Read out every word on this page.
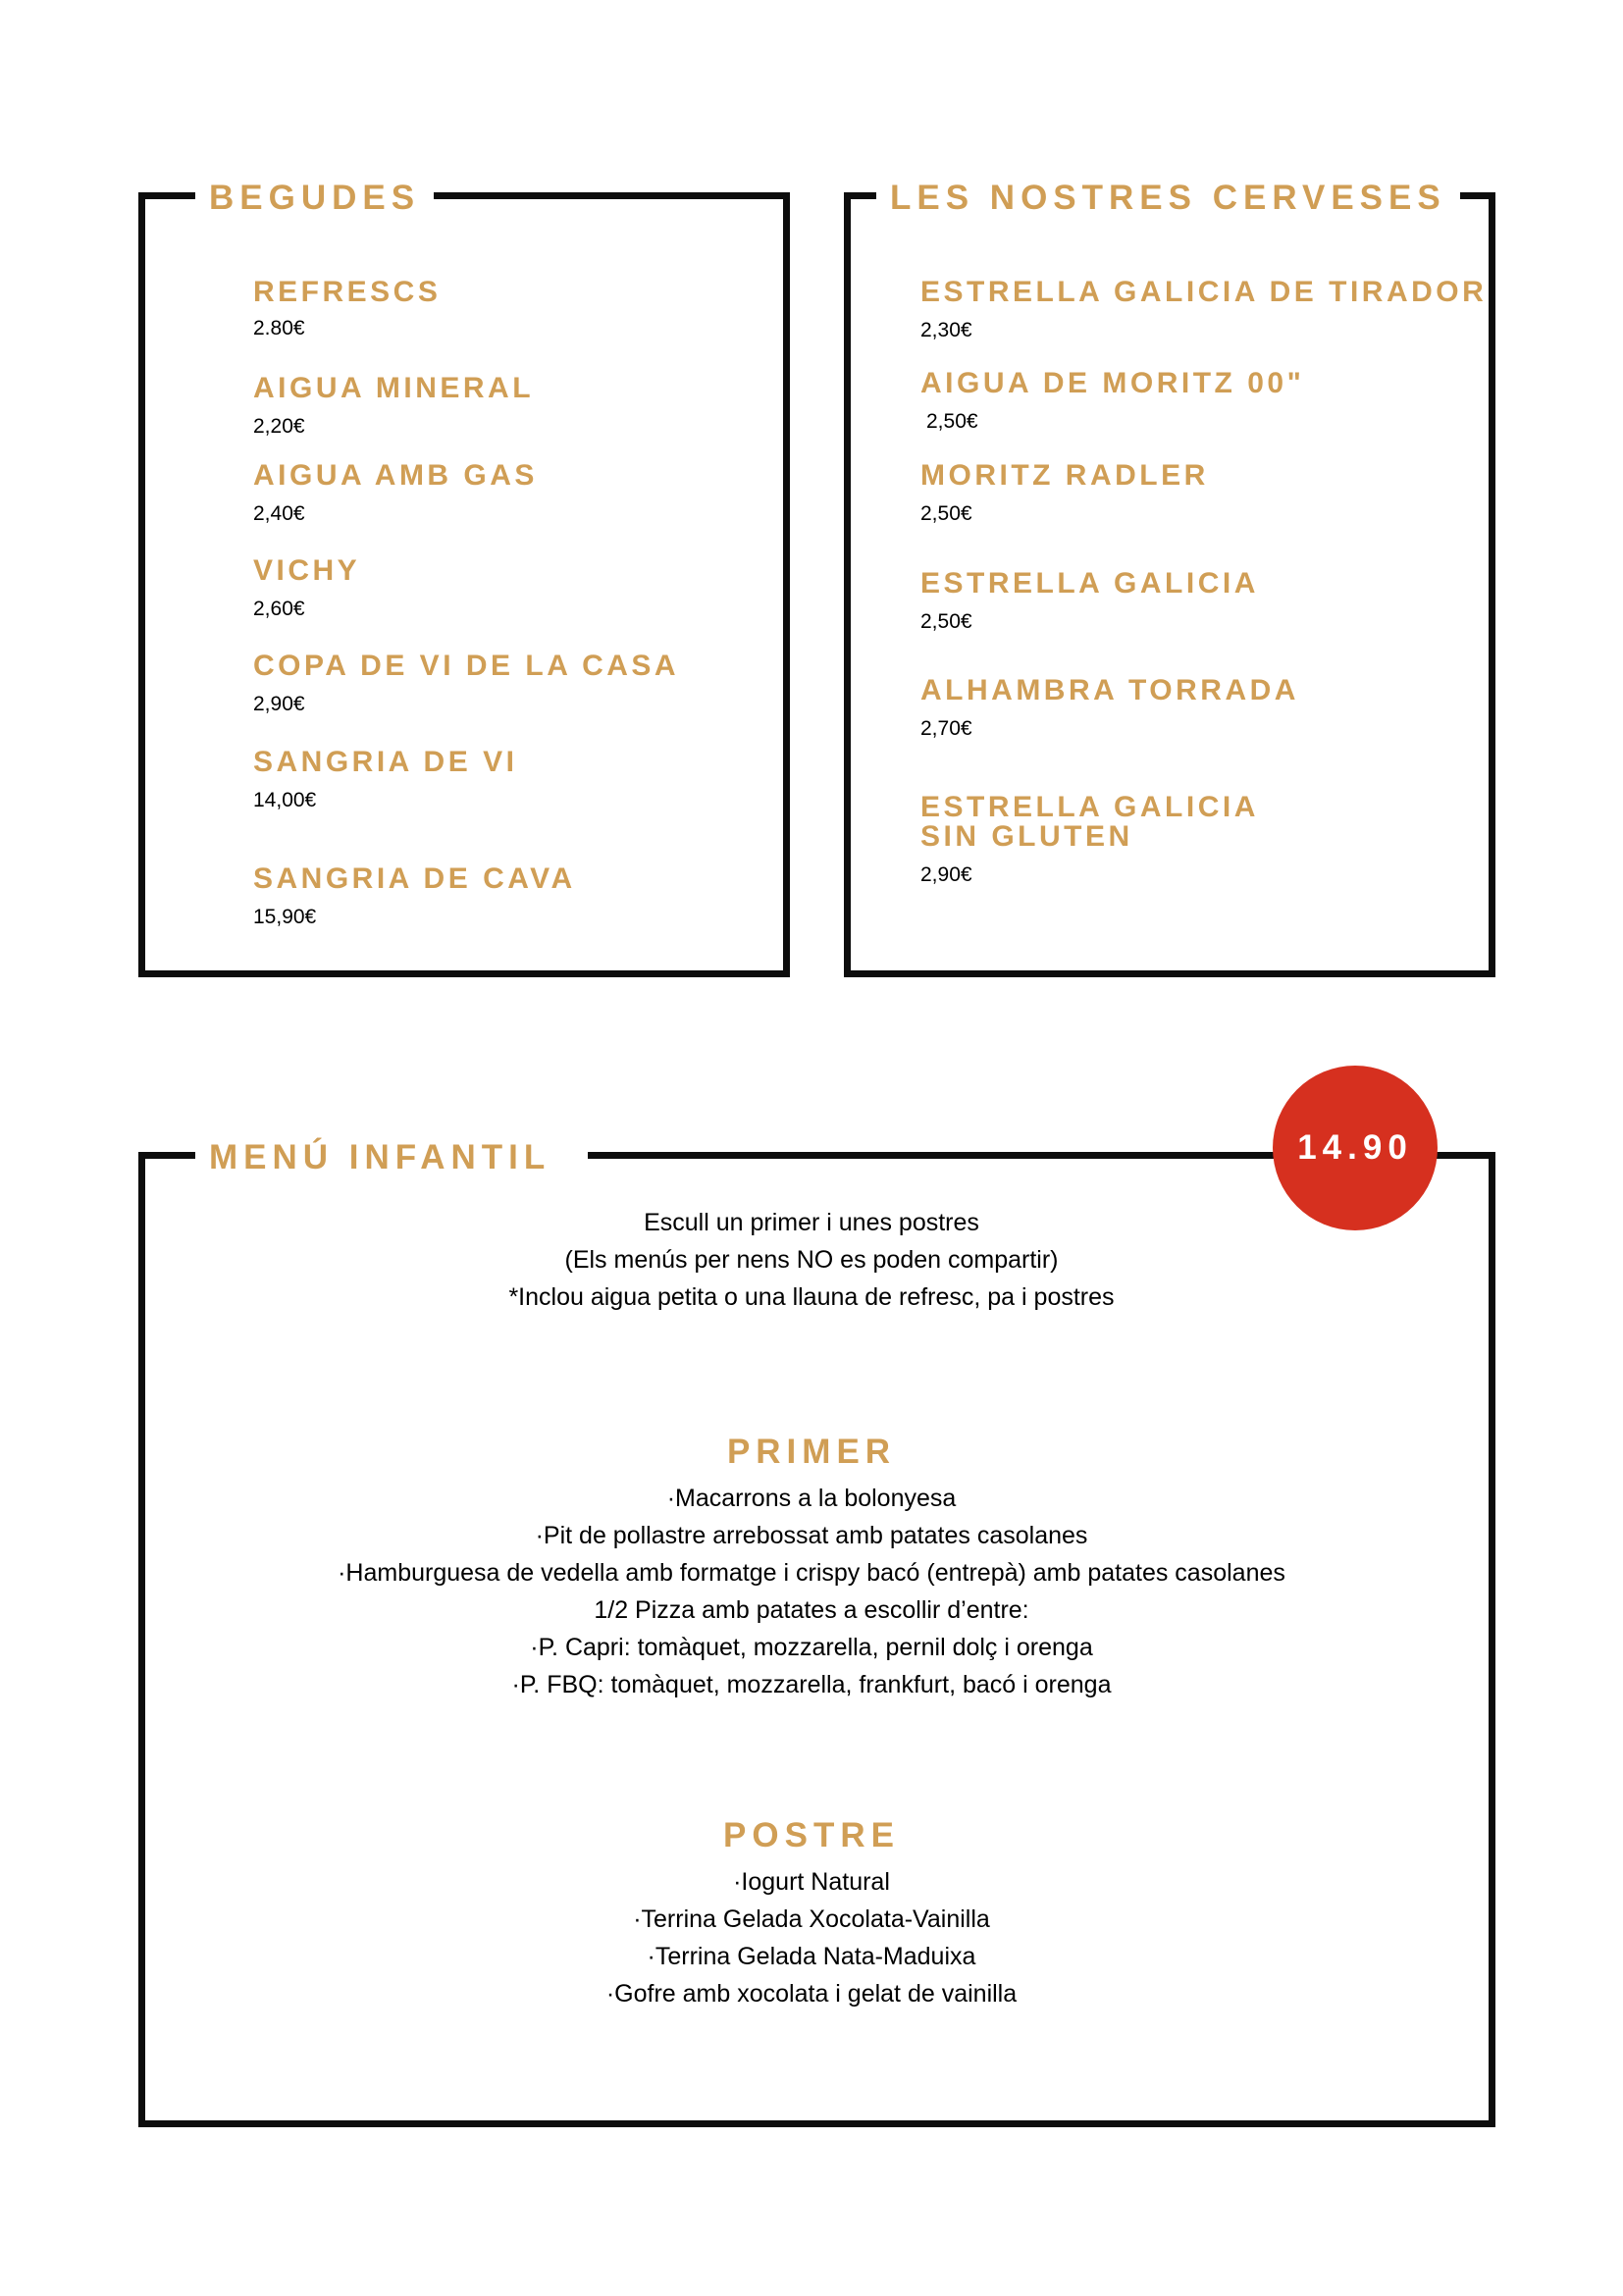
BEGUDES
REFRESCS
2.80€
AIGUA MINERAL
2,20€
AIGUA AMB GAS
2,40€
VICHY
2,60€
COPA DE VI DE LA CASA
2,90€
SANGRIA DE VI
14,00€
SANGRIA DE CAVA
15,90€
LES NOSTRES CERVESES
ESTRELLA GALICIA DE TIRADOR
2,30€
AIGUA DE MORITZ 00"
2,50€
MORITZ RADLER
2,50€
ESTRELLA GALICIA
2,50€
ALHAMBRA TORRADA
2,70€
ESTRELLA GALICIA
SIN GLUTEN
2,90€
MENÚ INFANTIL	14.90
Escull un primer i unes postres
(Els menús per nens NO es poden compartir)
*Inclou aigua petita o una llauna de refresc, pa i postres
PRIMER
·Macarrons a la bolonyesa
·Pit de pollastre arrebossat amb patates casolanes
·Hamburguesa de vedella amb formatge i crispy bacó (entrepà) amb patates casolanes
1/2 Pizza amb patates a escollir d’entre:
·P. Capri: tomàquet, mozzarella, pernil dolç i orenga
·P. FBQ: tomàquet, mozzarella, frankfurt, bacó i orenga
POSTRE
·Iogurt Natural
·Terrina Gelada Xocolata-Vainilla
·Terrina Gelada Nata-Maduixa
·Gofre amb xocolata i gelat de vainilla
